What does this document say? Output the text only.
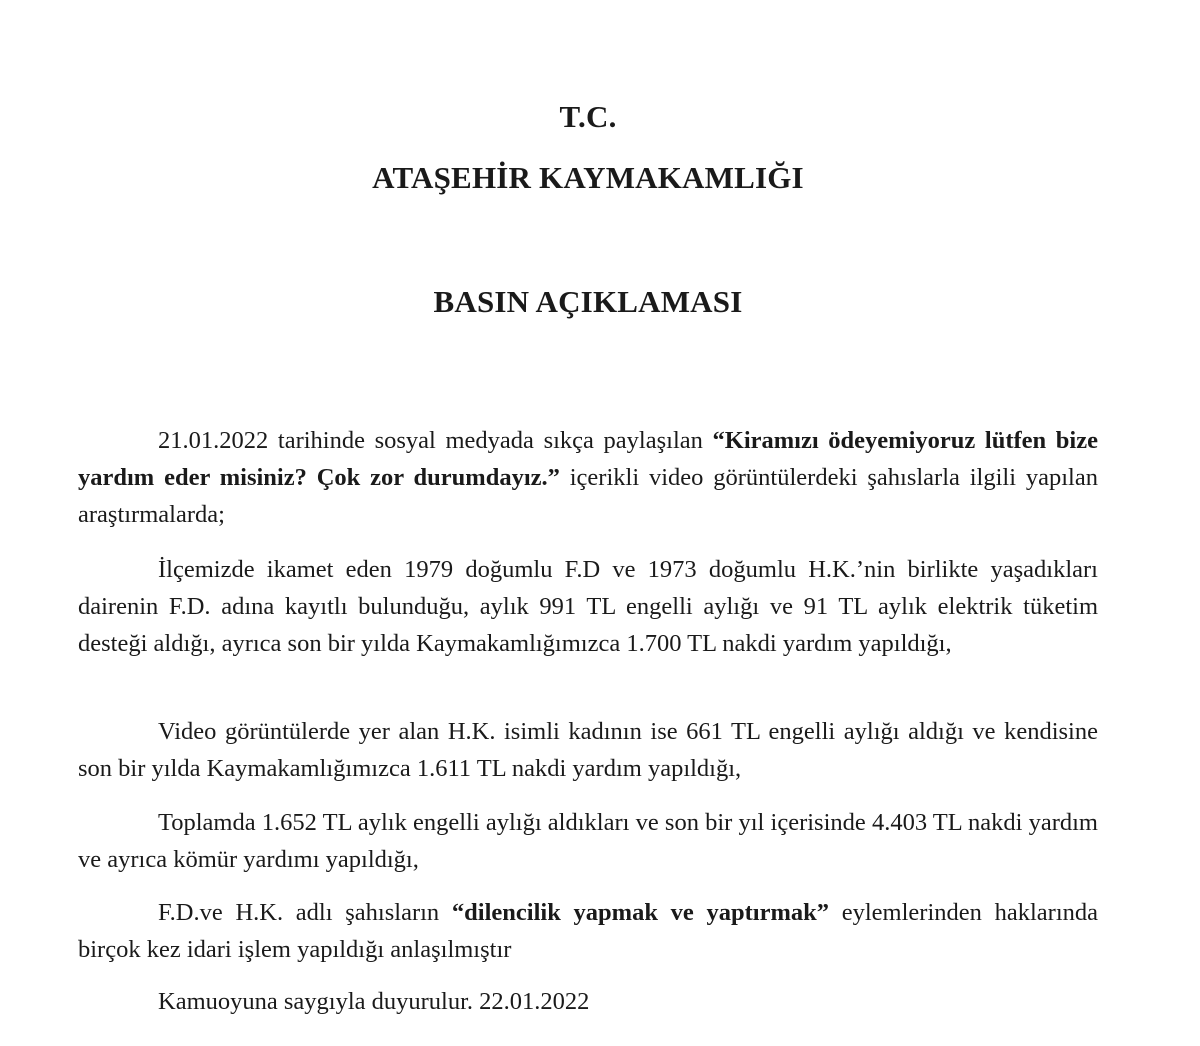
T.C.
ATAŞEHİR KAYMAKAMLIĞI
BASIN AÇIKLAMASI

21.01.2022 tarihinde sosyal medyada sıkça paylaşılan “Kiramızı ödeyemiyoruz lütfen bize yardım eder misiniz? Çok zor durumdayız.” içerikli video görüntülerdeki şahıslarla ilgili yapılan araştırmalarda;

İlçemizde ikamet eden 1979 doğumlu F.D ve 1973 doğumlu H.K.’nin birlikte yaşadıkları dairenin F.D. adına kayıtlı bulunduğu, aylık 991 TL engelli aylığı ve 91 TL aylık elektrik tüketim desteği aldığı, ayrıca son bir yılda Kaymakamlığımızca 1.700 TL nakdi yardım yapıldığı,

Video görüntülerde yer alan H.K. isimli kadının ise 661 TL engelli aylığı aldığı ve kendisine son bir yılda Kaymakamlığımızca 1.611 TL nakdi yardım yapıldığı,

Toplamda 1.652 TL aylık engelli aylığı aldıkları ve son bir yıl içerisinde 4.403 TL nakdi yardım ve ayrıca kömür yardımı yapıldığı,

F.D.ve H.K. adlı şahısların “dilencilik yapmak ve yaptırmak” eylemlerinden haklarında birçok kez idari işlem yapıldığı anlaşılmıştır

Kamuoyuna saygıyla duyurulur. 22.01.2022
